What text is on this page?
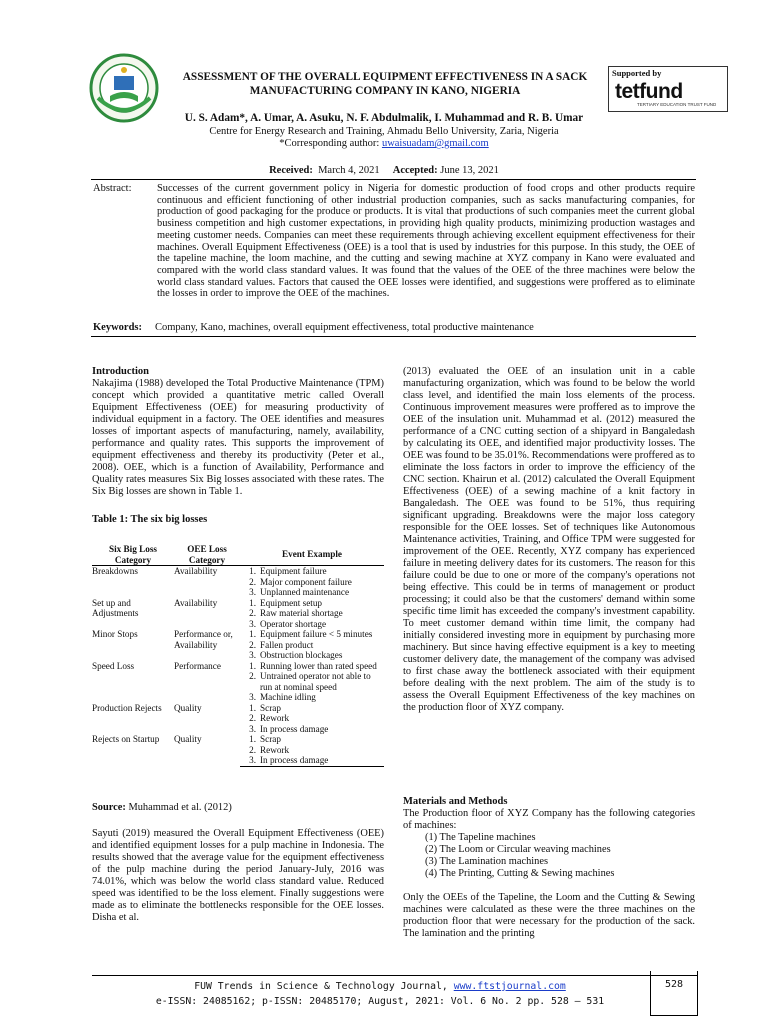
ASSESSMENT OF THE OVERALL EQUIPMENT EFFECTIVENESS IN A SACK MANUFACTURING COMPANY IN KANO, NIGERIA
Supported by
tetfund
TERTIARY EDUCATION TRUST FUND
U. S. Adam*, A. Umar, A. Asuku, N. F. Abdulmalik, I. Muhammad and R. B. Umar
Centre for Energy Research and Training, Ahmadu Bello University, Zaria, Nigeria
*Corresponding author: uwaisuadam@gmail.com
Received: March 4, 2021 Accepted: June 13, 2021
Abstract: Successes of the current government policy in Nigeria for domestic production of food crops and other products require continuous and efficient functioning of other industrial production companies, such as sacks manufacturing companies, for production of good packaging for the produce or products. It is vital that productions of such companies meet the current global business competition and high customer expectations, in providing high quality products, minimizing production wastages and meeting customer needs. Companies can meet these requirements through achieving excellent equipment effectiveness for their machines. Overall Equipment Effectiveness (OEE) is a tool that is used by industries for this purpose. In this study, the OEE of the tapeline machine, the loom machine, and the cutting and sewing machine at XYZ company in Kano were evaluated and compared with the world class standard values. It was found that the values of the OEE of the three machines were below the world class standard values. Factors that caused the OEE losses were identified, and suggestions were proffered as to eliminate the losses in order to improve the OEE of the machines.
Keywords: Company, Kano, machines, overall equipment effectiveness, total productive maintenance
Introduction

Nakajima (1988) developed the Total Productive Maintenance (TPM) concept which provided a quantitative metric called Overall Equipment Effectiveness (OEE) for measuring productivity of individual equipment in a factory. The OEE identifies and measures losses of important aspects of manufacturing, namely, availability, performance and quality rates. This supports the improvement of equipment effectiveness and thereby its productivity (Peter et al., 2008). OEE, which is a function of Availability, Performance and Quality rates measures Six Big losses associated with these rates. The Six Big losses are shown in Table 1.

Table 1: The six big losses
Six Big Loss Category	OEE Loss Category	Event Example	
Breakdowns	Availability	1.	Equipment failure
		2.	Major component failure
		3.	Unplanned maintenance
Set up and Adjustments	Availability	1.	Equipment setup
		2.	Raw material shortage
		3.	Operator shortage
Minor Stops	Performance or, Availability	1.	Equipment failure < 5 minutes
		2.	Fallen product
		3.	Obstruction blockages
Speed Loss	Performance	1.	Running lower than rated speed
		2.	Untrained operator not able to run at nominal speed
		3.	Machine idling
Production Rejects	Quality	1.	Scrap
		2.	Rework
		3.	In process damage
Rejects on Startup	Quality	1.	Scrap
		2.	Rework
		3.	In process damage
Source: Muhammad et al. (2012)
Sayuti (2019) measured the Overall Equipment Effectiveness (OEE) and identified equipment losses for a pulp machine in Indonesia. The results showed that the average value for the equipment effectiveness of the pulp machine during the period January-July, 2016 was 74.01%, which was below the world class standard value. Reduced speed was identified to be the loss element. Finally suggestions were made as to eliminate the bottlenecks responsible for the OEE losses. Disha et al.
(2013) evaluated the OEE of an insulation unit in a cable manufacturing organization, which was found to be below the world class level, and identified the main loss elements of the process. Continuous improvement measures were proffered as to improve the OEE of the insulation unit. Muhammad et al. (2012) measured the performance of a CNC cutting section of a shipyard in Bangaledash by calculating its OEE, and identified major productivity losses. The OEE was found to be 35.01%. Recommendations were proffered as to eliminate the loss factors in order to improve the efficiency of the CNC section. Khairun et al. (2012) calculated the Overall Equipment Effectiveness (OEE) of a sewing machine of a knit factory in Bangaledash. The OEE was found to be 51%, thus requiring significant upgrading. Breakdowns were the major loss category responsible for the OEE losses. Set of techniques like Autonomous Maintenance activities, Training, and Office TPM were suggested for improvement of the OEE. Recently, XYZ company has experienced failure in meeting delivery dates for its customers. The reason for this failure could be due to one or more of the company's operations not being effective. This could be in terms of management or product processing; it could also be that the customers' demand within some specific time limit has exceeded the company's investment capability. To meet customer demand within time limit, the company had initially considered investing more in equipment by purchasing more machinery. But since having effective equipment is a key to meeting customer delivery date, the management of the company was advised to first chase away the bottleneck associated with their equipment before dealing with the next problem. The aim of the study is to assess the Overall Equipment Effectiveness of the key machines on the production floor of XYZ company.
Materials and Methods

The Production floor of XYZ Company has the following categories of machines:

(1) The Tapeline machines
(2) The Loom or Circular weaving machines
(3) The Lamination machines
(4) The Printing, Cutting & Sewing machines

Only the OEEs of the Tapeline, the Loom and the Cutting & Sewing machines were calculated as these were the three machines on the production floor that were necessary for the production of the sack. The lamination and the printing

FUW Trends in Science & Technology Journal, www.ftstjournal.com
e-ISSN: 24085162; p-ISSN: 20485170; August, 2021: Vol. 6 No. 2 pp. 528 – 531
528
